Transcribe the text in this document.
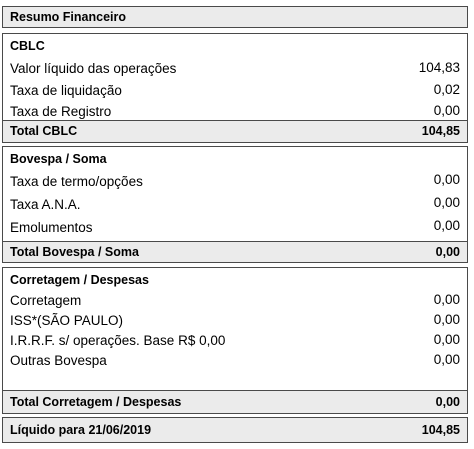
Resumo Financeiro
CBLC
Valor líquido das operações	104,83
Taxa de liquidação	0,02
Taxa de Registro	0,00
Total CBLC	104,85
Bovespa / Soma
Taxa de termo/opções	0,00
Taxa A.N.A.	0,00
Emolumentos	0,00
Total Bovespa / Soma	0,00
Corretagem / Despesas
Corretagem	0,00
ISS*(SÃO PAULO)	0,00
I.R.R.F. s/ operações. Base R$ 0,00	0,00
Outras Bovespa	0,00
Total Corretagem / Despesas	0,00
Líquido para 21/06/2019	104,85
